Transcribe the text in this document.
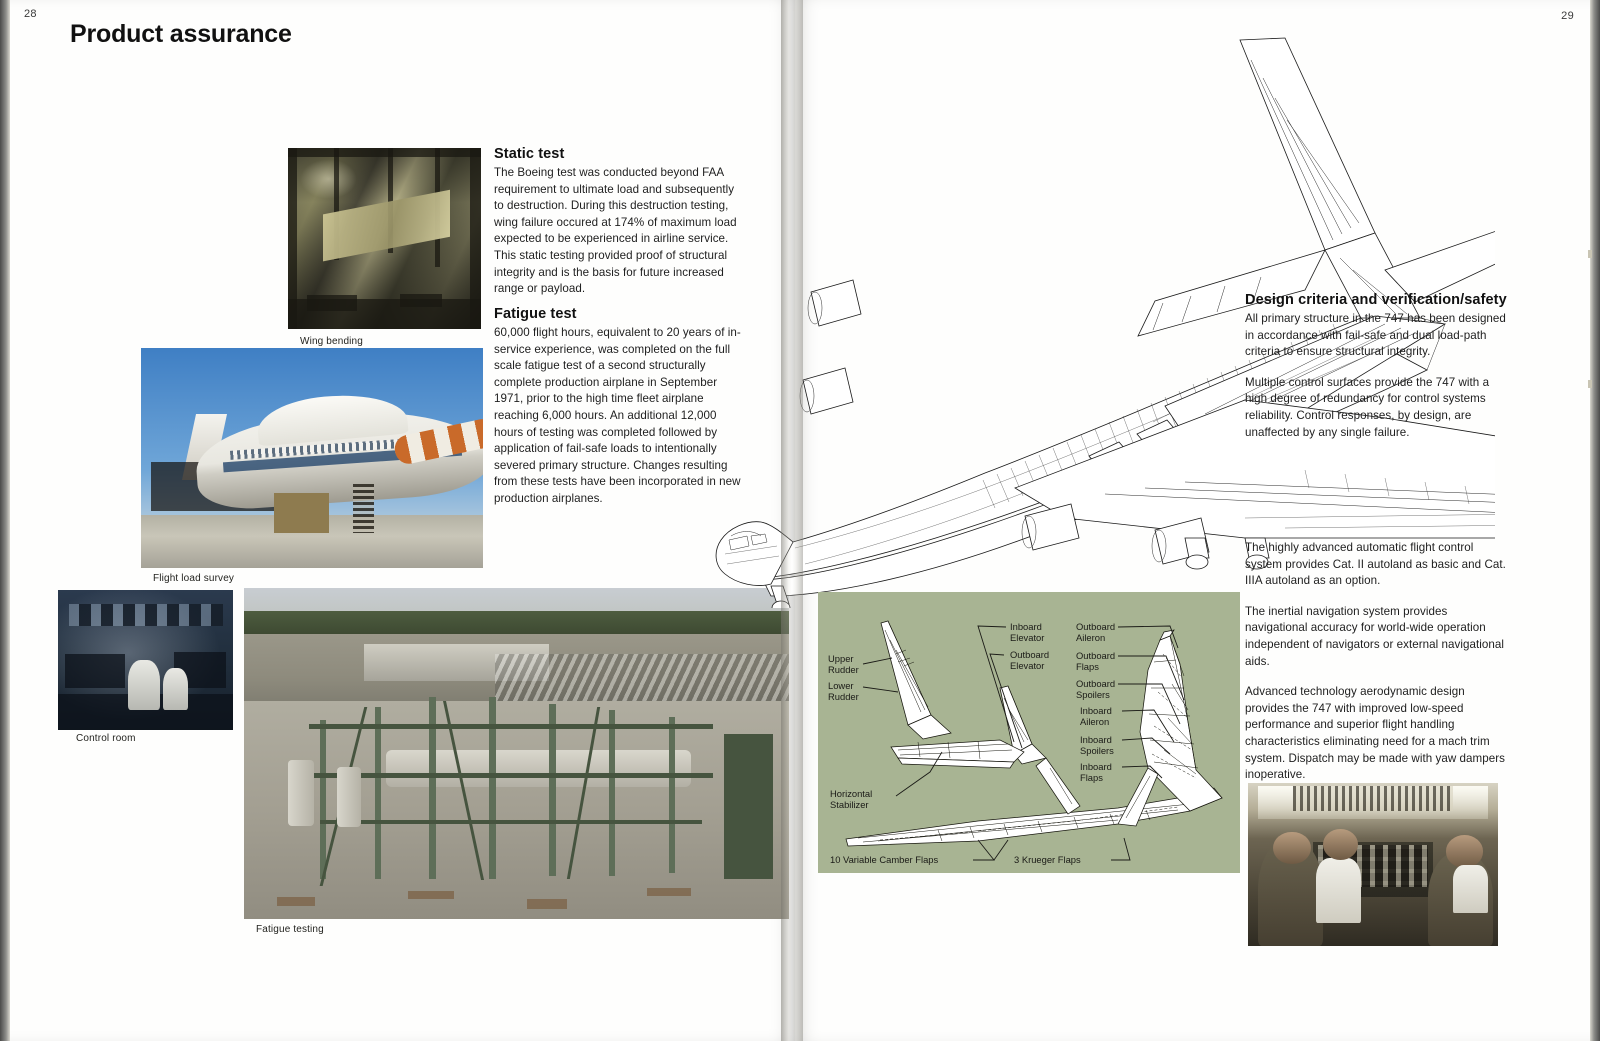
28
Product assurance
Wing bending
Flight load survey
Control room
Fatigue testing
Static test

The Boeing test was conducted beyond FAA requirement to ultimate load and subsequently to destruction. During this destruction testing, wing failure occured at 174% of maximum load expected to be experienced in airline service. This static testing provided proof of structural integrity and is the basis for future increased range or payload.

Fatigue test

60,000 flight hours, equivalent to 20 years of in-service experience, was completed on the full scale fatigue test of a second structurally complete production airplane in September 1971, prior to the high time fleet airplane reaching 6,000 hours. An additional 12,000 hours of testing was completed followed by application of fail-safe loads to intentionally severed primary structure. Changes resulting from these tests have been incorporated in new production airplanes.

29
Design criteria and verification/safety

All primary structure in the 747 has been designed in accordance with fail-safe and dual load-path criteria to ensure structural integrity.

Multiple control surfaces provide the 747 with a high degree of redundancy for control systems reliability. Control responses, by design, are unaffected by any single failure.

The highly advanced automatic flight control system provides Cat. II autoland as basic and Cat. IIIA autoland as an option.

The inertial navigation system provides navigational accuracy for world-wide operation independent of navigators or external navigational aids.

Advanced technology aerodynamic design provides the 747 with improved low-speed performance and superior flight handling characteristics eliminating need for a mach trim system. Dispatch may be made with yaw dampers inoperative.

Upper
Rudder
Lower
Rudder
Horizontal
Stabilizer
Inboard
Elevator
Outboard
Elevator
Outboard
Aileron
Outboard
Flaps
Outboard
Spoilers
Inboard
Aileron
Inboard
Spoilers
Inboard
Flaps
10 Variable Camber Flaps	3 Krueger Flaps
